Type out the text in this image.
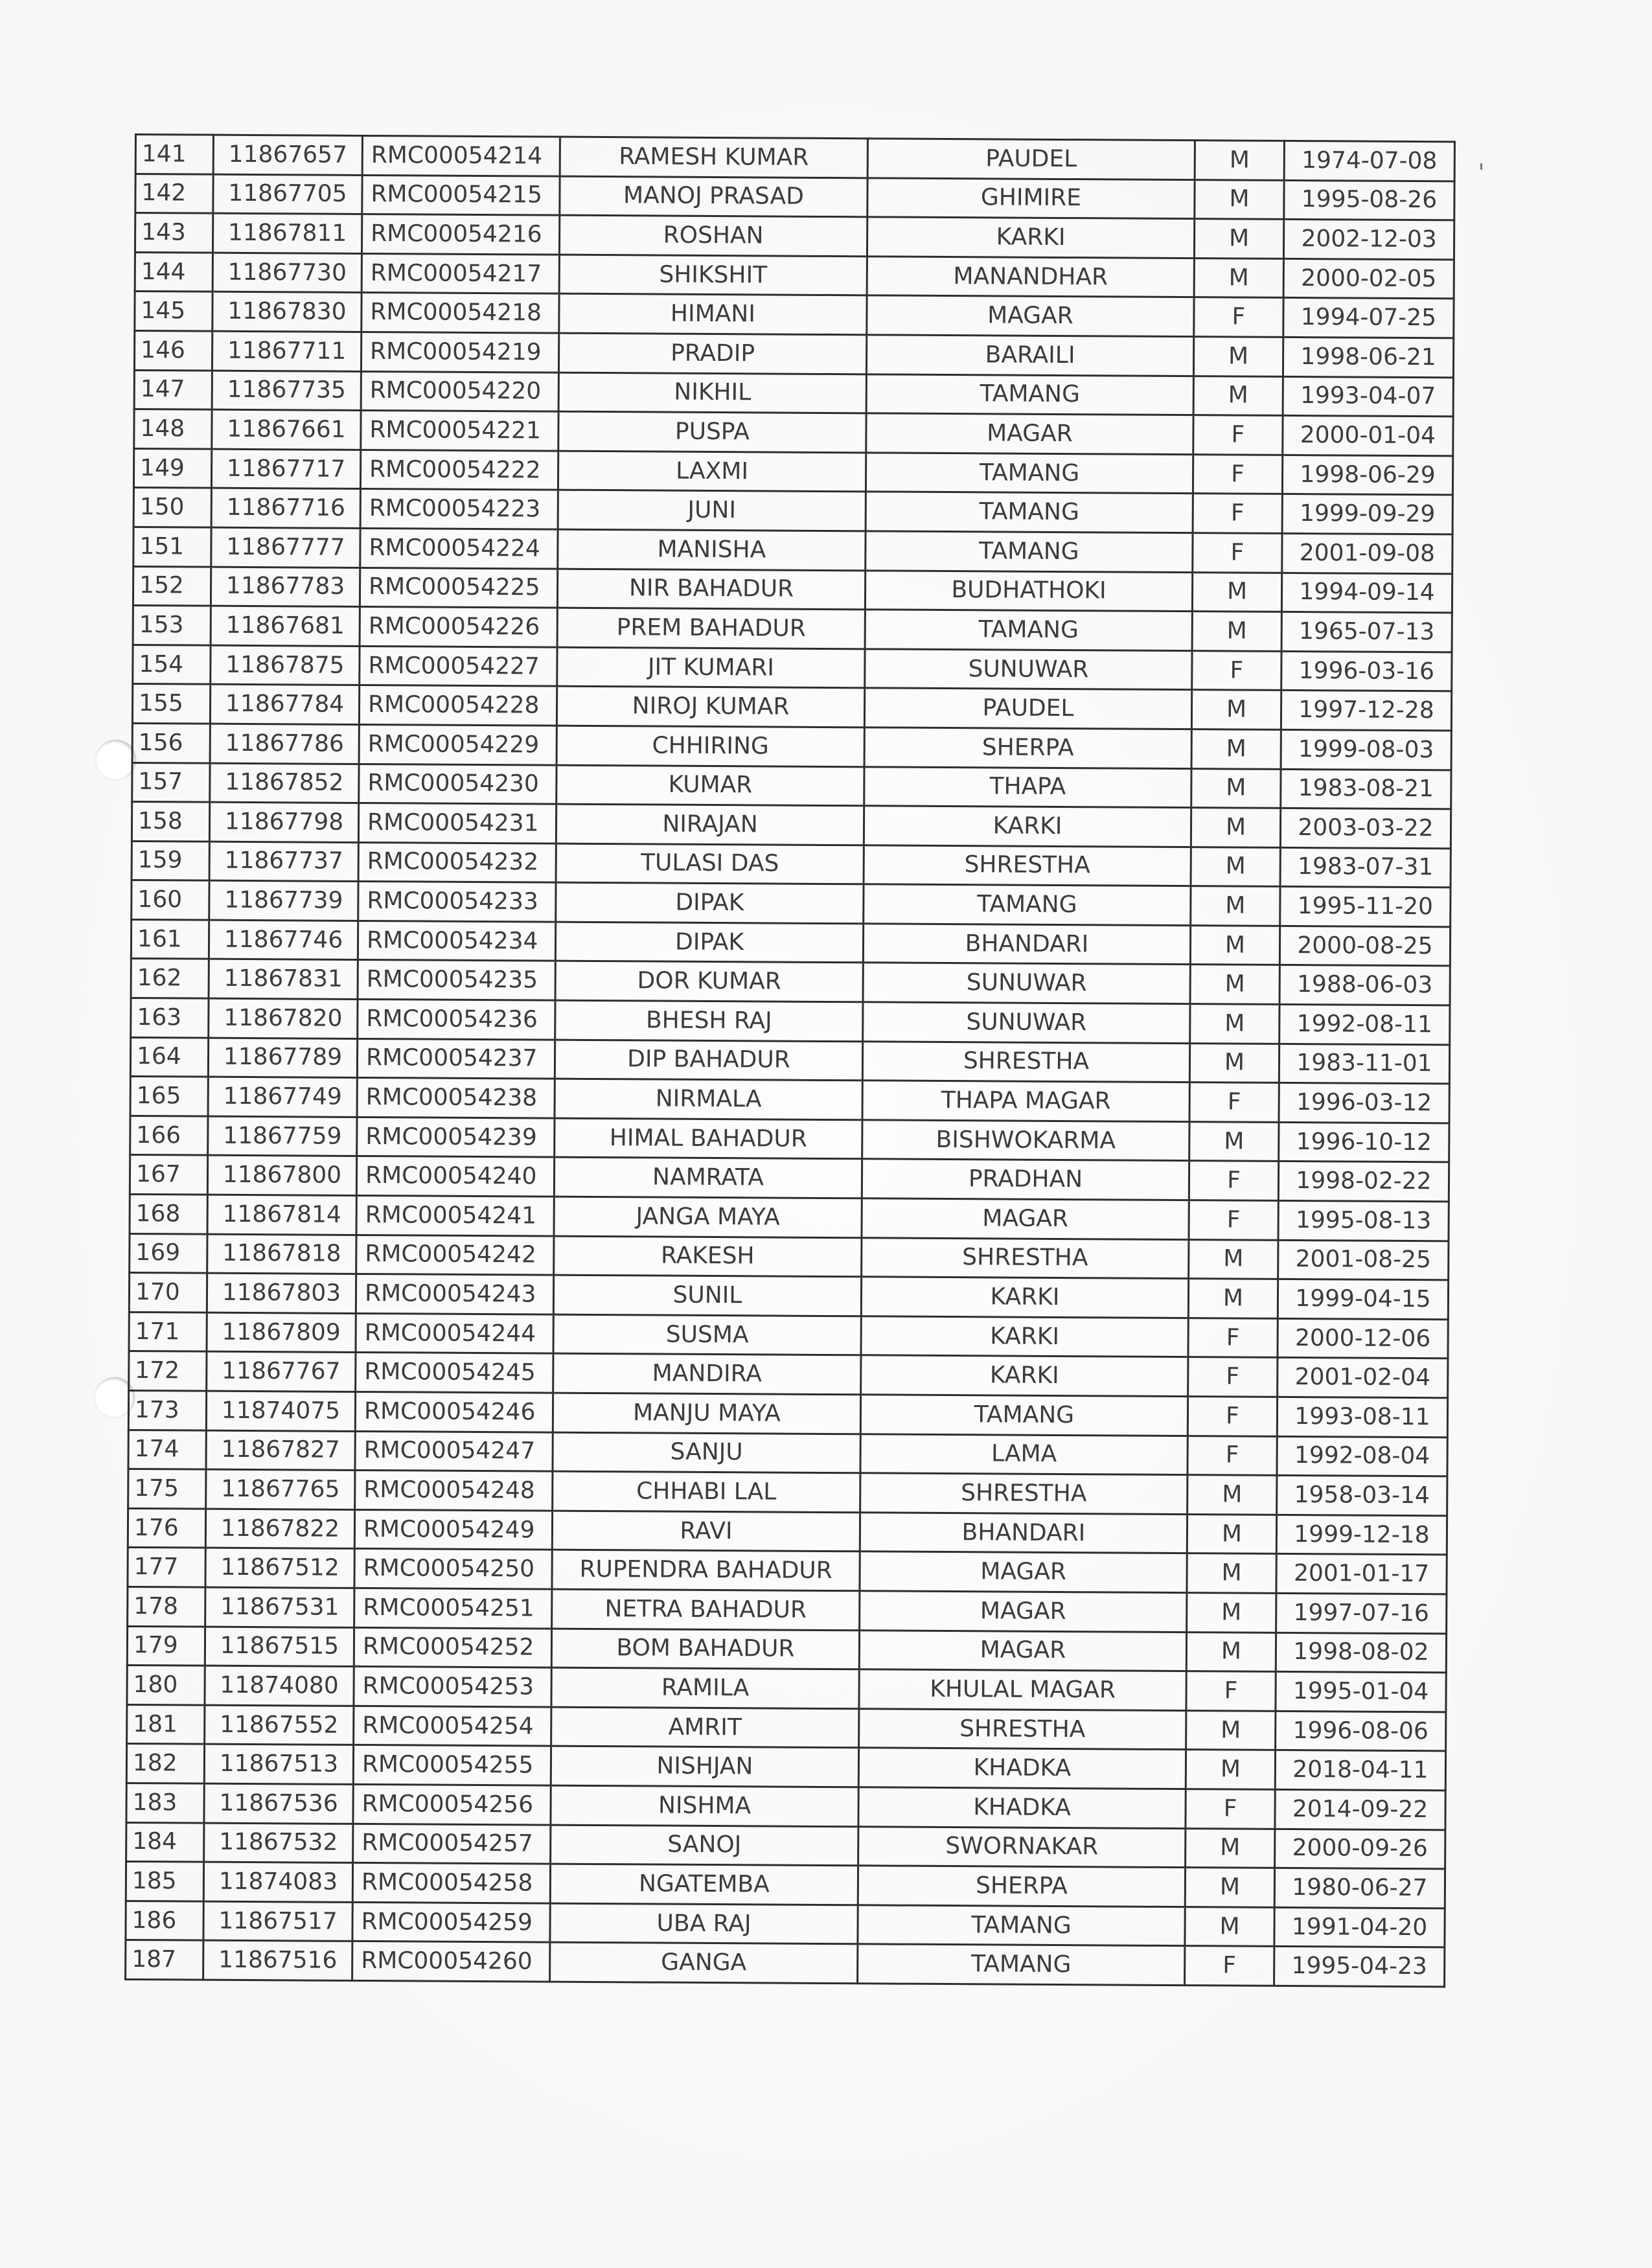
141	11867657	RMC00054214	RAMESH KUMAR	PAUDEL	M	1974-07-08
142	11867705	RMC00054215	MANOJ PRASAD	GHIMIRE	M	1995-08-26
143	11867811	RMC00054216	ROSHAN	KARKI	M	2002-12-03
144	11867730	RMC00054217	SHIKSHIT	MANANDHAR	M	2000-02-05
145	11867830	RMC00054218	HIMANI	MAGAR	F	1994-07-25
146	11867711	RMC00054219	PRADIP	BARAILI	M	1998-06-21
147	11867735	RMC00054220	NIKHIL	TAMANG	M	1993-04-07
148	11867661	RMC00054221	PUSPA	MAGAR	F	2000-01-04
149	11867717	RMC00054222	LAXMI	TAMANG	F	1998-06-29
150	11867716	RMC00054223	JUNI	TAMANG	F	1999-09-29
151	11867777	RMC00054224	MANISHA	TAMANG	F	2001-09-08
152	11867783	RMC00054225	NIR BAHADUR	BUDHATHOKI	M	1994-09-14
153	11867681	RMC00054226	PREM BAHADUR	TAMANG	M	1965-07-13
154	11867875	RMC00054227	JIT KUMARI	SUNUWAR	F	1996-03-16
155	11867784	RMC00054228	NIROJ KUMAR	PAUDEL	M	1997-12-28
156	11867786	RMC00054229	CHHIRING	SHERPA	M	1999-08-03
157	11867852	RMC00054230	KUMAR	THAPA	M	1983-08-21
158	11867798	RMC00054231	NIRAJAN	KARKI	M	2003-03-22
159	11867737	RMC00054232	TULASI DAS	SHRESTHA	M	1983-07-31
160	11867739	RMC00054233	DIPAK	TAMANG	M	1995-11-20
161	11867746	RMC00054234	DIPAK	BHANDARI	M	2000-08-25
162	11867831	RMC00054235	DOR KUMAR	SUNUWAR	M	1988-06-03
163	11867820	RMC00054236	BHESH RAJ	SUNUWAR	M	1992-08-11
164	11867789	RMC00054237	DIP BAHADUR	SHRESTHA	M	1983-11-01
165	11867749	RMC00054238	NIRMALA	THAPA MAGAR	F	1996-03-12
166	11867759	RMC00054239	HIMAL BAHADUR	BISHWOKARMA	M	1996-10-12
167	11867800	RMC00054240	NAMRATA	PRADHAN	F	1998-02-22
168	11867814	RMC00054241	JANGA MAYA	MAGAR	F	1995-08-13
169	11867818	RMC00054242	RAKESH	SHRESTHA	M	2001-08-25
170	11867803	RMC00054243	SUNIL	KARKI	M	1999-04-15
171	11867809	RMC00054244	SUSMA	KARKI	F	2000-12-06
172	11867767	RMC00054245	MANDIRA	KARKI	F	2001-02-04
173	11874075	RMC00054246	MANJU MAYA	TAMANG	F	1993-08-11
174	11867827	RMC00054247	SANJU	LAMA	F	1992-08-04
175	11867765	RMC00054248	CHHABI LAL	SHRESTHA	M	1958-03-14
176	11867822	RMC00054249	RAVI	BHANDARI	M	1999-12-18
177	11867512	RMC00054250	RUPENDRA BAHADUR	MAGAR	M	2001-01-17
178	11867531	RMC00054251	NETRA BAHADUR	MAGAR	M	1997-07-16
179	11867515	RMC00054252	BOM BAHADUR	MAGAR	M	1998-08-02
180	11874080	RMC00054253	RAMILA	KHULAL MAGAR	F	1995-01-04
181	11867552	RMC00054254	AMRIT	SHRESTHA	M	1996-08-06
182	11867513	RMC00054255	NISHJAN	KHADKA	M	2018-04-11
183	11867536	RMC00054256	NISHMA	KHADKA	F	2014-09-22
184	11867532	RMC00054257	SANOJ	SWORNAKAR	M	2000-09-26
185	11874083	RMC00054258	NGATEMBA	SHERPA	M	1980-06-27
186	11867517	RMC00054259	UBA RAJ	TAMANG	M	1991-04-20
187	11867516	RMC00054260	GANGA	TAMANG	F	1995-04-23
